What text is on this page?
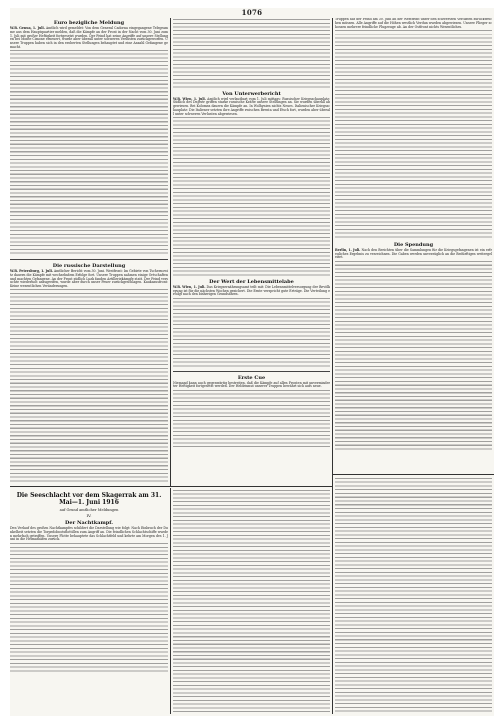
1076
Euro bezigliche Meldung

W.B. Genua, 1. Juli. Amtlich wird gemeldet: Von dem General Cadorna eingegangene Telegramme aus dem Hauptquartier melden, daß die Kämpfe an der Front in der Nacht vom 30. Juni zum 1. Juli mit großer Heftigkeit fortgesetzt wurden. Der Feind hat seine Angriffe auf unsere Stellungen bei Monte Cimone erneuert, wurde aber überall unter schweren Verlusten zurückgeworfen. Unsere Truppen haben sich in den eroberten Stellungen behauptet und eine Anzahl Gefangene gemacht.

Die russische Darstellung

W.B. Petersburg, 1. Juli. Amtlicher Bericht vom 30. Juni. Westfront: Im Gebiete von Tschernowitz dauern die Kämpfe mit wechselndem Erfolge fort. Unsere Truppen nahmen einige Ortschaften und machten Gefangene. An der Front südlich Luzk fanden Artilleriekämpfe statt. Der Feind versuchte wiederholt anzugreifen, wurde aber durch unser Feuer zurückgeschlagen. Kaukasusfront: Keine wesentlichen Veränderungen.

Von Unterwerbericht

W.B. Wien, 1. Juli. Amtlich wird verlautbart vom 1. Juli mittags: Russischer Kriegsschauplatz: Südlich des Dnjestr griffen starke russische Kräfte unsere Stellungen an. Sie wurden überall abgewiesen. Bei Kolomea dauern die Kämpfe an. In Wolhynien nichts Neues. Italienischer Kriegsschauplatz: Die Italiener setzten ihre Angriffe zwischen Brenta und Etsch fort, wurden aber überall unter schweren Verlusten abgewiesen.

Der Wert der Lebensmittelabe

W.B. Wien, 1. Juli. Das Kriegsernährungsamt teilt mit: Die Lebensmittelversorgung der Bevölkerung ist für die nächsten Wochen gesichert. Die Ernte verspricht gute Erträge. Die Verteilung erfolgt nach den bisherigen Grundsätzen.

Erste Cue

Niemand kann auch gegenwärtig bestreiten, daß die Kämpfe auf allen Fronten mit unverminderter Heftigkeit fortgesetzt werden. Der Heldenmut unserer Truppen bewährt sich aufs neue.

Truppen hat der Feind am 30. Juni an der Westfront unter den schwersten Verlusten zurückweichen müssen. Alle Angriffe auf die Höhen westlich Verdun wurden abgewiesen. Unsere Flieger schossen mehrere feindliche Flugzeuge ab. An der Ostfront nichts Wesentliches.

Die Spendung

Berlin, 1. Juli. Nach den Berichten über die Sammlungen für die Kriegsgefangenen ist ein erfreuliches Ergebnis zu verzeichnen. Die Gaben werden unverzüglich an die Bedürftigen weitergeleitet.

Die Seeschlacht vor dem Skagerrak am 31. Mai—1. Juni 1916
auf Grund amtlicher Meldungen
IV.
Der Nachtkampf.

Den Verlauf des großen Nachtkampfes schildert die Darstellung wie folgt: Nach Einbruch der Dunkelheit setzten die Torpedobootsflottillen zum Angriff an. Die feindlichen Schlachtschiffe wurden mehrfach getroffen. Unsere Flotte behauptete das Schlachtfeld und kehrte am Morgen des 1. Juni in die Heimathäfen zurück.
